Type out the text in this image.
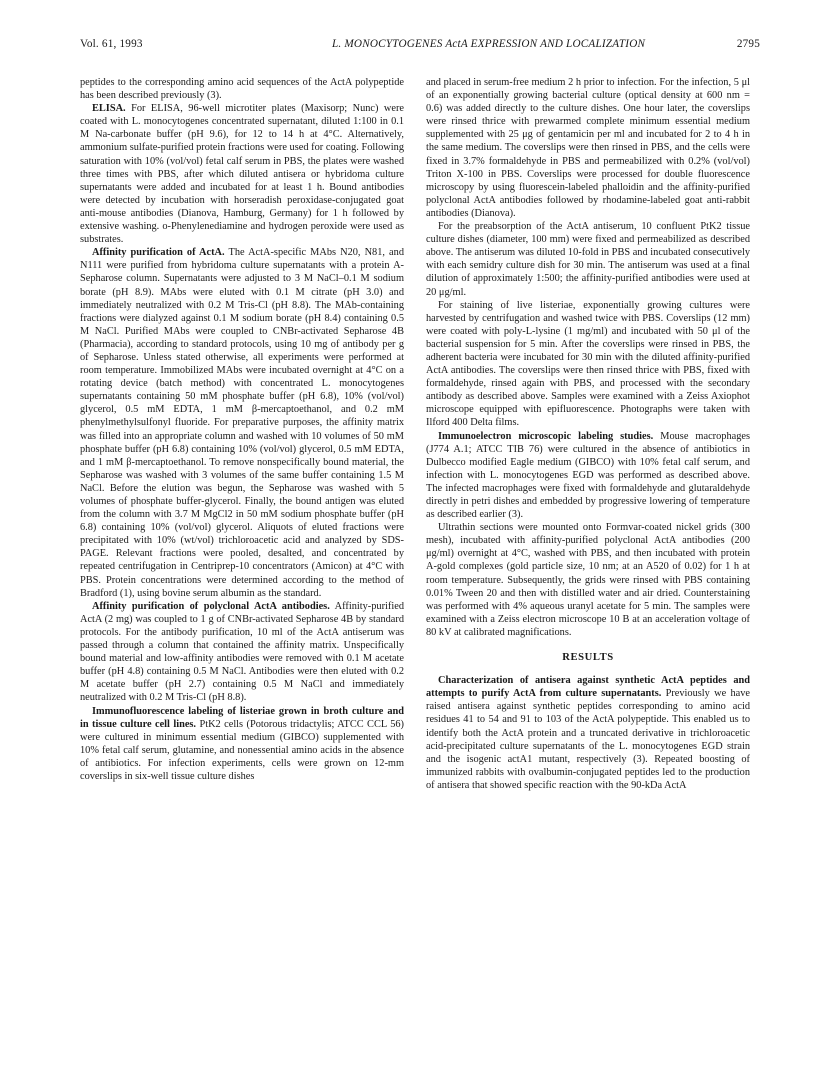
Vol. 61, 1993	L. MONOCYTOGENES ActA EXPRESSION AND LOCALIZATION	2795

peptides to the corresponding amino acid sequences of the ActA polypeptide has been described previously (3).

ELISA. For ELISA, 96-well microtiter plates (Maxisorp; Nunc) were coated with L. monocytogenes concentrated supernatant, diluted 1:100 in 0.1 M Na-carbonate buffer (pH 9.6), for 12 to 14 h at 4°C. Alternatively, ammonium sulfate-purified protein fractions were used for coating. Following saturation with 10% (vol/vol) fetal calf serum in PBS, the plates were washed three times with PBS, after which diluted antisera or hybridoma culture supernatants were added and incubated for at least 1 h. Bound antibodies were detected by incubation with horseradish peroxidase-conjugated goat anti-mouse antibodies (Dianova, Hamburg, Germany) for 1 h followed by extensive washing. o-Phenylenediamine and hydrogen peroxide were used as substrates.

Affinity purification of ActA. The ActA-specific MAbs N20, N81, and N111 were purified from hybridoma culture supernatants with a protein A-Sepharose column. Supernatants were adjusted to 3 M NaCl–0.1 M sodium borate (pH 8.9). MAbs were eluted with 0.1 M citrate (pH 3.0) and immediately neutralized with 0.2 M Tris-Cl (pH 8.8). The MAb-containing fractions were dialyzed against 0.1 M sodium borate (pH 8.4) containing 0.5 M NaCl. Purified MAbs were coupled to CNBr-activated Sepharose 4B (Pharmacia), according to standard protocols, using 10 mg of antibody per g of Sepharose. Unless stated otherwise, all experiments were performed at room temperature. Immobilized MAbs were incubated overnight at 4°C on a rotating device (batch method) with concentrated L. monocytogenes supernatants containing 50 mM phosphate buffer (pH 6.8), 10% (vol/vol) glycerol, 0.5 mM EDTA, 1 mM β-mercaptoethanol, and 0.2 mM phenylmethylsulfonyl fluoride. For preparative purposes, the affinity matrix was filled into an appropriate column and washed with 10 volumes of 50 mM phosphate buffer (pH 6.8) containing 10% (vol/vol) glycerol, 0.5 mM EDTA, and 1 mM β-mercaptoethanol. To remove nonspecifically bound material, the Sepharose was washed with 3 volumes of the same buffer containing 1.5 M NaCl. Before the elution was begun, the Sepharose was washed with 5 volumes of phosphate buffer-glycerol. Finally, the bound antigen was eluted from the column with 3.7 M MgCl2 in 50 mM sodium phosphate buffer (pH 6.8) containing 10% (vol/vol) glycerol. Aliquots of eluted fractions were precipitated with 10% (wt/vol) trichloroacetic acid and analyzed by SDS-PAGE. Relevant fractions were pooled, desalted, and concentrated by repeated centrifugation in Centriprep-10 concentrators (Amicon) at 4°C with PBS. Protein concentrations were determined according to the method of Bradford (1), using bovine serum albumin as the standard.

Affinity purification of polyclonal ActA antibodies. Affinity-purified ActA (2 mg) was coupled to 1 g of CNBr-activated Sepharose 4B by standard protocols. For the antibody purification, 10 ml of the ActA antiserum was passed through a column that contained the affinity matrix. Unspecifically bound material and low-affinity antibodies were removed with 0.1 M acetate buffer (pH 4.8) containing 0.5 M NaCl. Antibodies were then eluted with 0.2 M acetate buffer (pH 2.7) containing 0.5 M NaCl and immediately neutralized with 0.2 M Tris-Cl (pH 8.8).

Immunofluorescence labeling of listeriae grown in broth culture and in tissue culture cell lines. PtK2 cells (Potorous tridactylis; ATCC CCL 56) were cultured in minimum essential medium (GIBCO) supplemented with 10% fetal calf serum, glutamine, and nonessential amino acids in the absence of antibiotics. For infection experiments, cells were grown on 12-mm coverslips in six-well tissue culture dishes

and placed in serum-free medium 2 h prior to infection. For the infection, 5 μl of an exponentially growing bacterial culture (optical density at 600 nm = 0.6) was added directly to the culture dishes. One hour later, the coverslips were rinsed thrice with prewarmed complete minimum essential medium supplemented with 25 μg of gentamicin per ml and incubated for 2 to 4 h in the same medium. The coverslips were then rinsed in PBS, and the cells were fixed in 3.7% formaldehyde in PBS and permeabilized with 0.2% (vol/vol) Triton X-100 in PBS. Coverslips were processed for double fluorescence microscopy by using fluorescein-labeled phalloidin and the affinity-purified polyclonal ActA antibodies followed by rhodamine-labeled goat anti-rabbit antibodies (Dianova).

For the preabsorption of the ActA antiserum, 10 confluent PtK2 tissue culture dishes (diameter, 100 mm) were fixed and permeabilized as described above. The antiserum was diluted 10-fold in PBS and incubated consecutively with each semidry culture dish for 30 min. The antiserum was used at a final dilution of approximately 1:500; the affinity-purified antibodies were used at 20 μg/ml.

For staining of live listeriae, exponentially growing cultures were harvested by centrifugation and washed twice with PBS. Coverslips (12 mm) were coated with poly-L-lysine (1 mg/ml) and incubated with 50 μl of the bacterial suspension for 5 min. After the coverslips were rinsed in PBS, the adherent bacteria were incubated for 30 min with the diluted affinity-purified ActA antibodies. The coverslips were then rinsed thrice with PBS, fixed with formaldehyde, rinsed again with PBS, and processed with the secondary antibody as described above. Samples were examined with a Zeiss Axiophot microscope equipped with epifluorescence. Photographs were taken with Ilford 400 Delta films.

Immunoelectron microscopic labeling studies. Mouse macrophages (J774 A.1; ATCC TIB 76) were cultured in the absence of antibiotics in Dulbecco modified Eagle medium (GIBCO) with 10% fetal calf serum, and infection with L. monocytogenes EGD was performed as described above. The infected macrophages were fixed with formaldehyde and glutaraldehyde directly in petri dishes and embedded by progressive lowering of temperature as described earlier (3).

Ultrathin sections were mounted onto Formvar-coated nickel grids (300 mesh), incubated with affinity-purified polyclonal ActA antibodies (200 μg/ml) overnight at 4°C, washed with PBS, and then incubated with protein A-gold complexes (gold particle size, 10 nm; at an A520 of 0.02) for 1 h at room temperature. Subsequently, the grids were rinsed with PBS containing 0.01% Tween 20 and then with distilled water and air dried. Counterstaining was performed with 4% aqueous uranyl acetate for 5 min. The samples were examined with a Zeiss electron microscope 10 B at an acceleration voltage of 80 kV at calibrated magnifications.

RESULTS

Characterization of antisera against synthetic ActA peptides and attempts to purify ActA from culture supernatants. Previously we have raised antisera against synthetic peptides corresponding to amino acid residues 41 to 54 and 91 to 103 of the ActA polypeptide. This enabled us to identify both the ActA protein and a truncated derivative in trichloroacetic acid-precipitated culture supernatants of the L. monocytogenes EGD strain and the isogenic actA1 mutant, respectively (3). Repeated boosting of immunized rabbits with ovalbumin-conjugated peptides led to the production of antisera that showed specific reaction with the 90-kDa ActA
